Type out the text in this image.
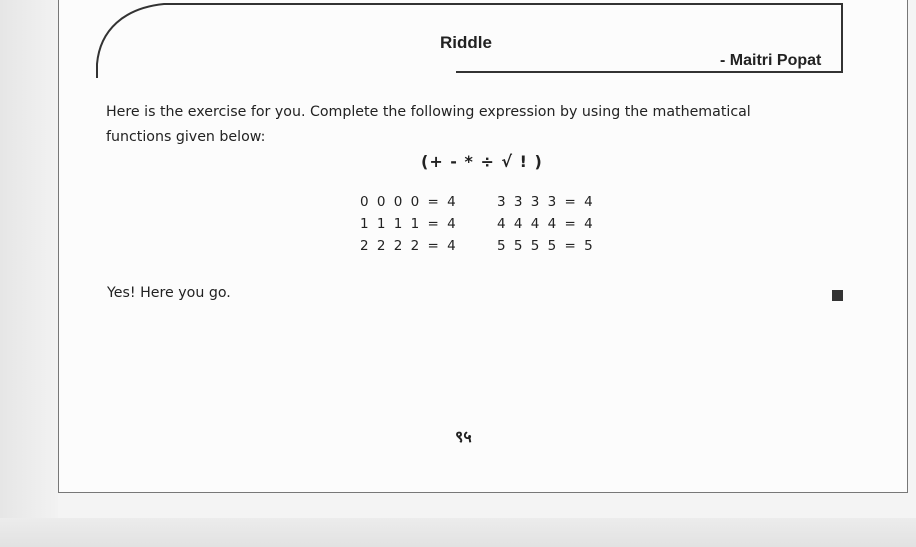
Riddle
- Maitri Popat
Here is the exercise for you. Complete the following expression by using the mathematical functions given below:
(+ - * ÷ √ ! )
0 0 0 0 = 4
1 1 1 1 = 4
2 2 2 2 = 4
3 3 3 3 = 4
4 4 4 4 = 4
5 5 5 5 = 5
Yes! Here you go.
९५
